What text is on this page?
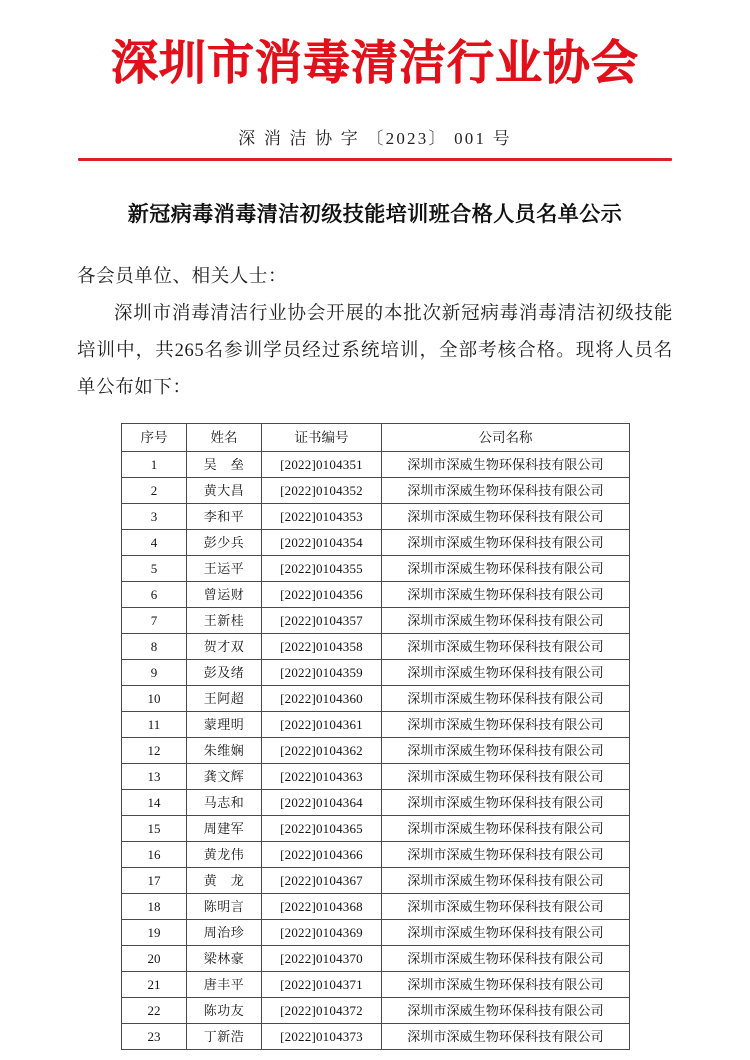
深圳市消毒清洁行业协会
深 消 洁 协 字 〔2023〕 001 号
新冠病毒消毒清洁初级技能培训班合格人员名单公示
各会员单位、相关人士：
深圳市消毒清洁行业协会开展的本批次新冠病毒消毒清洁初级技能培训中，共265名参训学员经过系统培训，全部考核合格。现将人员名单公布如下：
序号	姓名	证书编号	公司名称
1	吴　垒	[2022]0104351	深圳市深威生物环保科技有限公司
2	黄大昌	[2022]0104352	深圳市深威生物环保科技有限公司
3	李和平	[2022]0104353	深圳市深威生物环保科技有限公司
4	彭少兵	[2022]0104354	深圳市深威生物环保科技有限公司
5	王运平	[2022]0104355	深圳市深威生物环保科技有限公司
6	曾运财	[2022]0104356	深圳市深威生物环保科技有限公司
7	王新桂	[2022]0104357	深圳市深威生物环保科技有限公司
8	贺才双	[2022]0104358	深圳市深威生物环保科技有限公司
9	彭及绪	[2022]0104359	深圳市深威生物环保科技有限公司
10	王阿超	[2022]0104360	深圳市深威生物环保科技有限公司
11	蒙理明	[2022]0104361	深圳市深威生物环保科技有限公司
12	朱维娴	[2022]0104362	深圳市深威生物环保科技有限公司
13	龚文辉	[2022]0104363	深圳市深威生物环保科技有限公司
14	马志和	[2022]0104364	深圳市深威生物环保科技有限公司
15	周建军	[2022]0104365	深圳市深威生物环保科技有限公司
16	黄龙伟	[2022]0104366	深圳市深威生物环保科技有限公司
17	黄　龙	[2022]0104367	深圳市深威生物环保科技有限公司
18	陈明言	[2022]0104368	深圳市深威生物环保科技有限公司
19	周治珍	[2022]0104369	深圳市深威生物环保科技有限公司
20	梁林豪	[2022]0104370	深圳市深威生物环保科技有限公司
21	唐丰平	[2022]0104371	深圳市深威生物环保科技有限公司
22	陈功友	[2022]0104372	深圳市深威生物环保科技有限公司
23	丁新浩	[2022]0104373	深圳市深威生物环保科技有限公司
